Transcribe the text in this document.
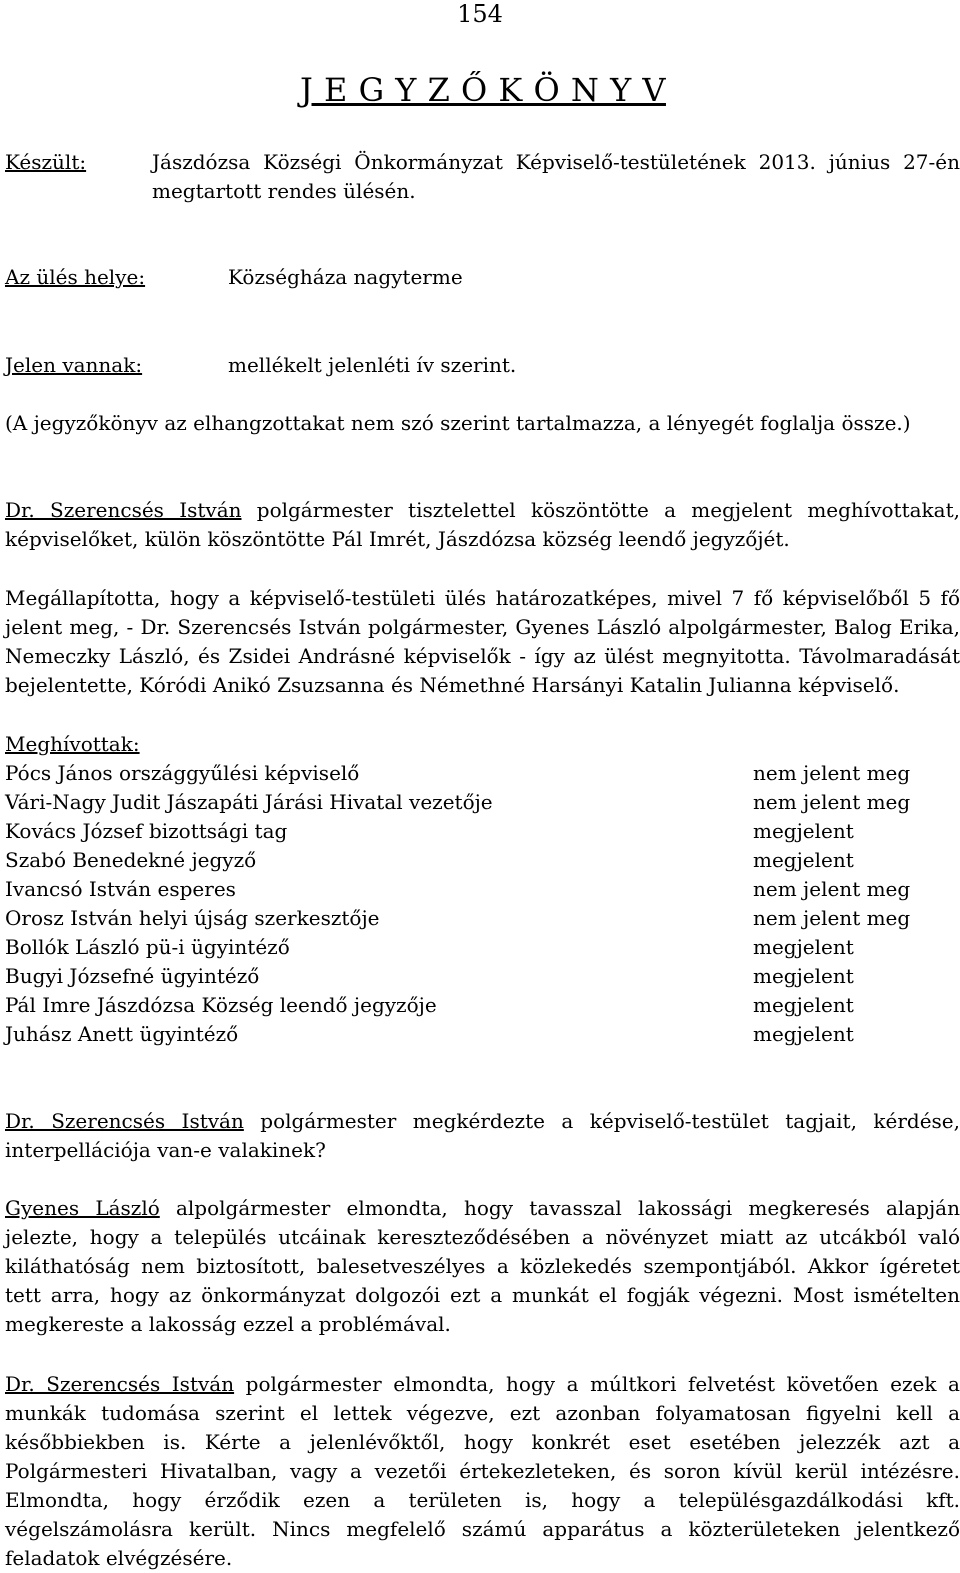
154
J E G Y Z Ő K Ö N Y V
Készült:	Jászdózsa Községi Önkormányzat Képviselő-testületének 2013. június 27-én
megtartott rendes ülésén.
Az ülés helye:	Községháza nagyterme
Jelen vannak:	mellékelt jelenléti ív szerint.
(A jegyzőkönyv az elhangzottakat nem szó szerint tartalmazza, a lényegét foglalja össze.)
Dr. Szerencsés István polgármester tisztelettel köszöntötte a megjelent meghívottakat, képviselőket, külön köszöntötte Pál Imrét, Jászdózsa község leendő jegyzőjét.
Megállapította, hogy a képviselő-testületi ülés határozatképes, mivel 7 fő képviselőből 5 fő jelent meg, - Dr. Szerencsés István polgármester, Gyenes László alpolgármester, Balog Erika, Nemeczky László, és Zsidei Andrásné képviselők - így az ülést megnyitotta. Távolmaradását bejelentette, Kóródi Anikó Zsuzsanna és Némethné Harsányi Katalin Julianna képviselő.
Meghívottak:
Pócs János országgyűlési képviselő	nem jelent meg
Vári-Nagy Judit Jászapáti Járási Hivatal vezetője	nem jelent meg
Kovács József bizottsági tag	megjelent
Szabó Benedekné jegyző	megjelent
Ivancsó István esperes	nem jelent meg
Orosz István helyi újság szerkesztője	nem jelent meg
Bollók László pü-i ügyintéző	megjelent
Bugyi Józsefné ügyintéző	megjelent
Pál Imre Jászdózsa Község leendő jegyzője	megjelent
Juhász Anett ügyintéző	megjelent
Dr. Szerencsés István polgármester megkérdezte a képviselő-testület tagjait, kérdése, interpellációja van-e valakinek?
Gyenes László alpolgármester elmondta, hogy tavasszal lakossági megkeresés alapján jelezte, hogy a település utcáinak kereszteződésében a növényzet miatt az utcákból való kiláthatóság nem biztosított, balesetveszélyes a közlekedés szempontjából. Akkor ígéretet tett arra, hogy az önkormányzat dolgozói ezt a munkát el fogják végezni. Most ismételten megkereste a lakosság ezzel a problémával.
Dr. Szerencsés István polgármester elmondta, hogy a múltkori felvetést követően ezek a munkák tudomása szerint el lettek végezve, ezt azonban folyamatosan figyelni kell a későbbiekben is. Kérte a jelenlévőktől, hogy konkrét eset esetében jelezzék azt a Polgármesteri Hivatalban, vagy a vezetői értekezleteken, és soron kívül kerül intézésre. Elmondta, hogy érződik ezen a területen is, hogy a településgazdálkodási kft. végelszámolásra került. Nincs megfelelő számú apparátus a közterületeken jelentkező feladatok elvégzésére.
